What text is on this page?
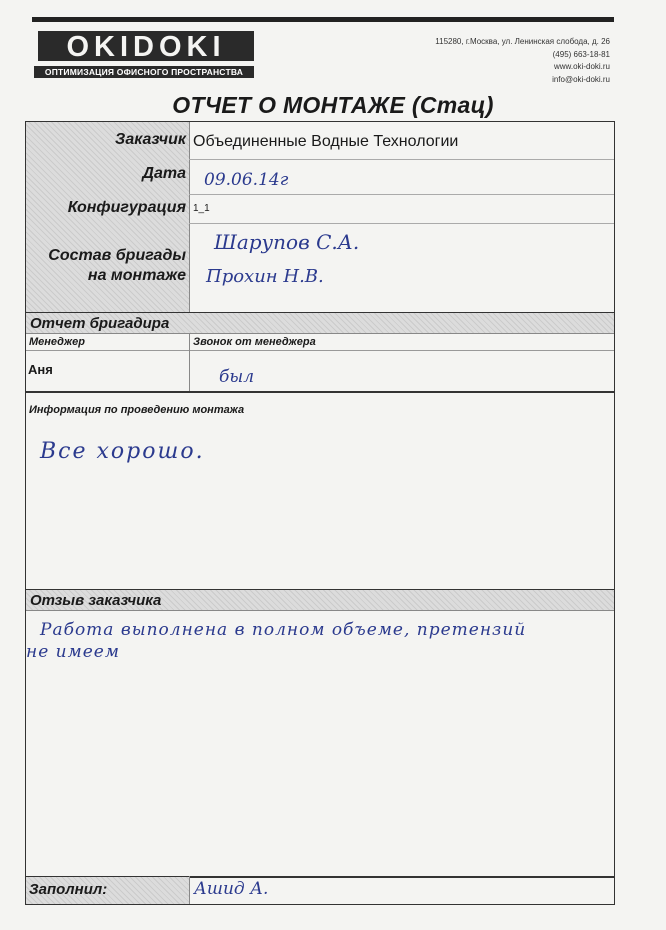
OKIDOKI
ОПТИМИЗАЦИЯ ОФИСНОГО ПРОСТРАНСТВА
115280, г.Москва, ул. Ленинская слобода, д. 26
(495) 663-18-81
www.oki-doki.ru
info@oki-doki.ru
ОТЧЕТ О МОНТАЖЕ (Стац)
Заказчик Объединенные Водные Технологии
Дата 09.06.14г
Конфигурация 1_1
Состав бригады
на монтаже
Шарупов С.А.
Прохин Н.В.
Отчет бригадира
Менеджер	Звонок от менеджера
Аня	был
Информация по проведению монтажа
Все хорошо.
Отзыв заказчика
Работа выполнена в полном объеме, претензий
не имеем
Заполнил:	Ашид А.
